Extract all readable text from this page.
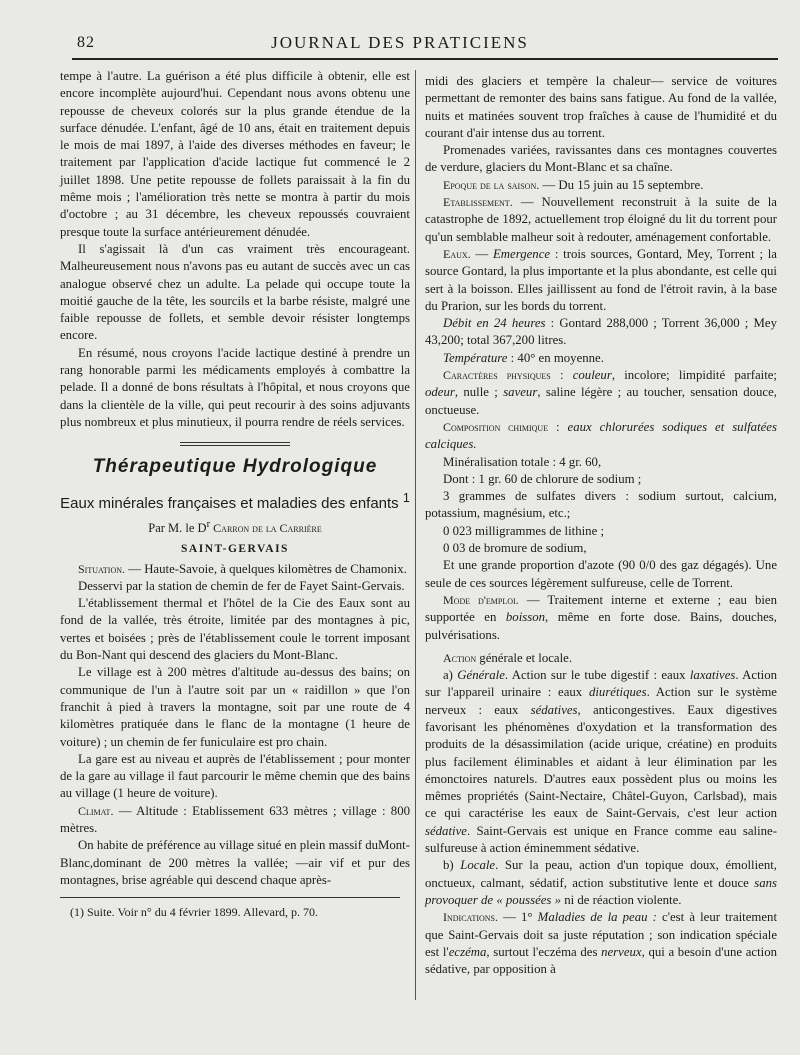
82	JOURNAL DES PRATICIENS

tempe à l'autre. La guérison a été plus difficile à obtenir, elle est encore incomplète aujourd'hui. Cependant nous avons obtenu une repousse de cheveux colorés sur la plus grande étendue de la surface dénudée. L'enfant, âgé de 10 ans, était en traitement depuis le mois de mai 1897, à l'aide des diverses méthodes en faveur; le traitement par l'application d'acide lactique fut commencé le 2 juillet 1898. Une petite repousse de follets paraissait à la fin du même mois ; l'amélioration très nette se montra à partir du mois d'octobre ; au 31 décembre, les cheveux repoussés couvraient presque toute la surface antérieurement dénudée.

Il s'agissait là d'un cas vraiment très encourageant. Malheureusement nous n'avons pas eu autant de succès avec un cas analogue observé chez un adulte. La pelade qui occupe toute la moitié gauche de la tête, les sourcils et la barbe résiste, malgré une faible repousse de follets, et semble devoir résister longtemps encore.

En résumé, nous croyons l'acide lactique destiné à prendre un rang honorable parmi les médicaments employés à combattre la pelade. Il a donné de bons résultats à l'hôpital, et nous croyons que dans la clientèle de la ville, qui peut recourir à des soins adjuvants plus nombreux et plus minutieux, il pourra rendre de réels services.

Thérapeutique Hydrologique
Eaux minérales françaises et maladies des enfants $^1$
Par M. le $D^r$ Carron de la Carrière
SAINT-GERVAIS

Situation. — Haute-Savoie, à quelques kilomètres de Chamonix.

Desservi par la station de chemin de fer de Fayet Saint-Gervais.

L'établissement thermal et l'hôtel de la Cie des Eaux sont au fond de la vallée, très étroite, limitée par des montagnes à pic, vertes et boisées ; près de l'établissement coule le torrent imposant du Bon-Nant qui descend des glaciers du Mont-Blanc.

Le village est à 200 mètres d'altitude au-dessus des bains; on communique de l'un à l'autre soit par un « raidillon » que l'on franchit à pied à travers la montagne, soit par une route de 4 kilomètres pratiquée dans le flanc de la montagne (1 heure de voiture) ; un chemin de fer funiculaire est pro chain.

La gare est au niveau et auprès de l'établissement ; pour monter de la gare au village il faut parcourir le même chemin que des bains au village (1 heure de voiture).

Climat. — Altitude : Etablissement 633 mètres ; village : 800 mètres.

On habite de préférence au village situé en plein massif duMont-Blanc,dominant de 200 mètres la vallée; —air vif et pur des montagnes, brise agréable qui descend chaque après-

(1) Suite. Voir n° du 4 février 1899. Allevard, p. 70.

midi des glaciers et tempère la chaleur— service de voitures permettant de remonter des bains sans fatigue. Au fond de la vallée, nuits et matinées souvent trop fraîches à cause de l'humidité et du courant d'air intense dus au torrent.

Promenades variées, ravissantes dans ces montagnes couvertes de verdure, glaciers du Mont-Blanc et sa chaîne.

Epoque de la saison. — Du 15 juin au 15 septembre.

Etablissement. — Nouvellement reconstruit à la suite de la catastrophe de 1892, actuellement trop éloigné du lit du torrent pour qu'un semblable malheur soit à redouter, aménagement confortable.

Eaux. — Emergence : trois sources, Gontard, Mey, Torrent ; la source Gontard, la plus importante et la plus abondante, est celle qui sert à la boisson. Elles jaillissent au fond de l'étroit ravin, à la base du Prarion, sur les bords du torrent.

Débit en 24 heures : Gontard 288,000 ; Torrent 36,000 ; Mey 43,200; total 367,200 litres.

Température : 40° en moyenne.

Caractères physiques : couleur, incolore; limpidité parfaite; odeur, nulle ; saveur, saline légère ; au toucher, sensation douce, onctueuse.

Composition chimique : eaux chlorurées sodiques et sulfatées calciques.

Minéralisation totale : 4 gr. 60,

Dont : 1 gr. 60 de chlorure de sodium ;

3 grammes de sulfates divers : sodium surtout, calcium, potassium, magnésium, etc.;

0 023 milligrammes de lithine ;

0 03 de bromure de sodium,

Et une grande proportion d'azote (90 0/0 des gaz dégagés). Une seule de ces sources légèrement sulfureuse, celle de Torrent.

Mode d'emploi. — Traitement interne et externe ; eau bien supportée en boisson, même en forte dose. Bains, douches, pulvérisations.

Action générale et locale.

a) Générale. Action sur le tube digestif : eaux laxatives. Action sur l'appareil urinaire : eaux diurétiques. Action sur le système nerveux : eaux sédatives, anticongestives. Eaux digestives favorisant les phénomènes d'oxydation et la transformation des produits de la désassimilation (acide urique, créatine) en produits plus facilement éliminables et aidant à leur élimination par les émonctoires naturels. D'autres eaux possèdent plus ou moins les mêmes propriétés (Saint-Nectaire, Châtel-Guyon, Carlsbad), mais ce qui caractérise les eaux de Saint-Gervais, c'est leur action sédative. Saint-Gervais est unique en France comme eau saline-sulfureuse à action éminemment sédative.

b) Locale. Sur la peau, action d'un topique doux, émollient, onctueux, calmant, sédatif, action substitutive lente et douce sans provoquer de « poussées » ni de réaction violente.

Indications. — 1° Maladies de la peau : c'est à leur traitement que Saint-Gervais doit sa juste réputation ; son indication spéciale est l'eczéma, surtout l'eczéma des nerveux, qui a besoin d'une action sédative, par opposition à
